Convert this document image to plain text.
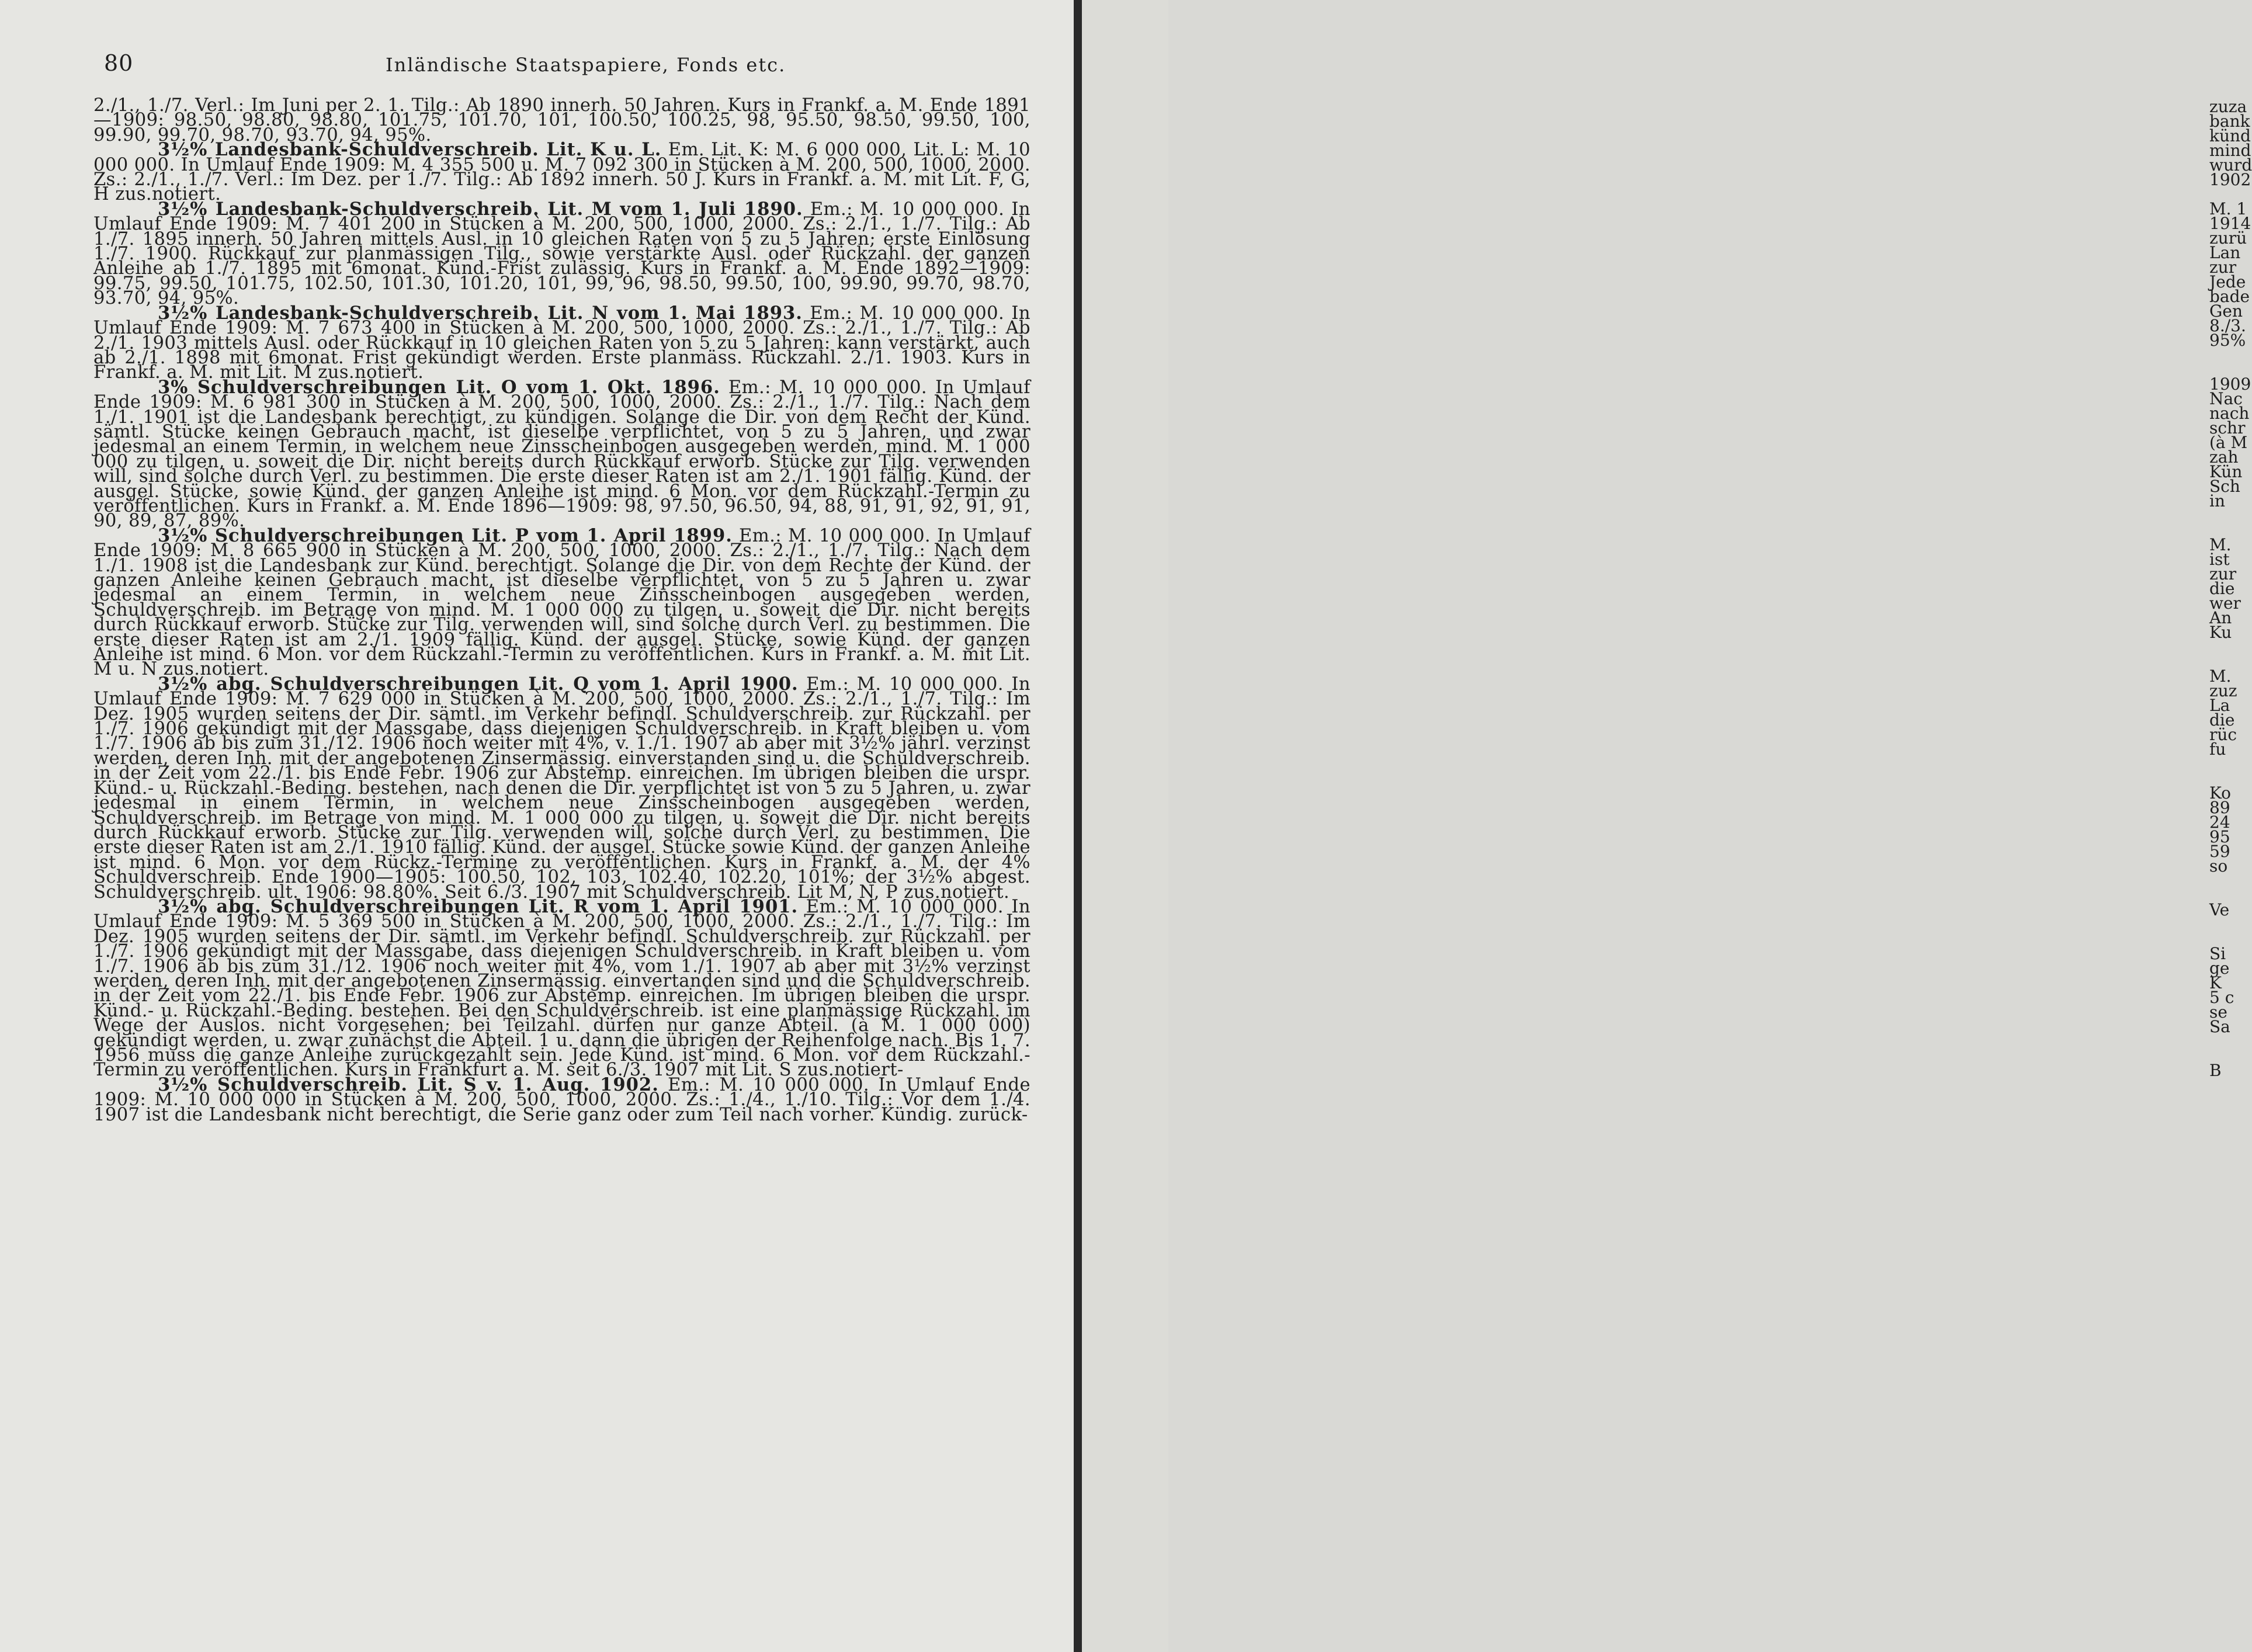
80	Inländische Staatspapiere, Fonds etc.

2./1., 1./7. Verl.: Im Juni per 2. 1. Tilg.: Ab 1890 innerh. 50 Jahren. Kurs in Frankf. a. M. Ende 1891—1909: 98.50, 98.80, 98.80, 101.75, 101.70, 101, 100.50, 100.25, 98, 95.50, 98.50, 99.50, 100, 99.90, 99.70, 98.70, 93.70, 94, 95%.

3½% Landesbank-Schuldverschreib. Lit. K u. L. Em. Lit. K: M. 6 000 000, Lit. L: M. 10 000 000. In Umlauf Ende 1909: M. 4 355 500 u. M. 7 092 300 in Stücken à M. 200, 500, 1000, 2000. Zs.: 2./1., 1./7. Verl.: Im Dez. per 1./7. Tilg.: Ab 1892 innerh. 50 J. Kurs in Frankf. a. M. mit Lit. F, G, H zus.notiert.

3½% Landesbank-Schuldverschreib. Lit. M vom 1. Juli 1890. Em.: M. 10 000 000. In Umlauf Ende 1909: M. 7 401 200 in Stücken à M. 200, 500, 1000, 2000. Zs.: 2./1., 1./7. Tilg.: Ab 1./7. 1895 innerh. 50 Jahren mittels Ausl. in 10 gleichen Raten von 5 zu 5 Jahren; erste Einlösung 1./7. 1900. Rückkauf zur planmässigen Tilg., sowie verstärkte Ausl. oder Rückzahl. der ganzen Anleihe ab 1./7. 1895 mit 6monat. Künd.-Frist zulässig. Kurs in Frankf. a. M. Ende 1892—1909: 99.75, 99.50, 101.75, 102.50, 101.30, 101.20, 101, 99, 96, 98.50, 99.50, 100, 99.90, 99.70, 98.70, 93.70, 94, 95%.

3½% Landesbank-Schuldverschreib. Lit. N vom 1. Mai 1893. Em.: M. 10 000 000. In Umlauf Ende 1909: M. 7 673 400 in Stücken à M. 200, 500, 1000, 2000. Zs.: 2./1., 1./7. Tilg.: Ab 2./1. 1903 mittels Ausl. oder Rückkauf in 10 gleichen Raten von 5 zu 5 Jahren: kann verstärkt, auch ab 2./1. 1898 mit 6monat. Frist gekündigt werden. Erste planmäss. Rückzahl. 2./1. 1903. Kurs in Frankf. a. M. mit Lit. M zus.notiert.

3% Schuldverschreibungen Lit. O vom 1. Okt. 1896. Em.: M. 10 000 000. In Umlauf Ende 1909: M. 6 981 300 in Stücken à M. 200, 500, 1000, 2000. Zs.: 2./1., 1./7. Tilg.: Nach dem 1./1. 1901 ist die Landesbank berechtigt, zu kündigen. Solange die Dir. von dem Recht der Künd. sämtl. Stücke keinen Gebrauch macht, ist dieselbe verpflichtet, von 5 zu 5 Jahren, und zwar jedesmal an einem Termin, in welchem neue Zinsscheinbogen ausgegeben werden, mind. M. 1 000 000 zu tilgen, u. soweit die Dir. nicht bereits durch Rückkauf erworb. Stücke zur Tilg. verwenden will, sind solche durch Verl. zu bestimmen. Die erste dieser Raten ist am 2./1. 1901 fällig. Künd. der ausgel. Stücke, sowie Künd. der ganzen Anleihe ist mind. 6 Mon. vor dem Rückzahl.-Termin zu veröffentlichen. Kurs in Frankf. a. M. Ende 1896—1909: 98, 97.50, 96.50, 94, 88, 91, 91, 92, 91, 91, 90, 89, 87, 89%.

3½% Schuldverschreibungen Lit. P vom 1. April 1899. Em.: M. 10 000 000. In Umlauf Ende 1909: M. 8 665 900 in Stücken à M. 200, 500, 1000, 2000. Zs.: 2./1., 1./7. Tilg.: Nach dem 1./1. 1908 ist die Landesbank zur Künd. berechtigt. Solange die Dir. von dem Rechte der Künd. der ganzen Anleihe keinen Gebrauch macht, ist dieselbe verpflichtet, von 5 zu 5 Jahren u. zwar jedesmal an einem Termin, in welchem neue Zinsscheinbogen ausgegeben werden, Schuldverschreib. im Betrage von mind. M. 1 000 000 zu tilgen, u. soweit die Dir. nicht bereits durch Rückkauf erworb. Stücke zur Tilg. verwenden will, sind solche durch Verl. zu bestimmen. Die erste dieser Raten ist am 2./1. 1909 fällig. Künd. der ausgel. Stücke, sowie Künd. der ganzen Anleihe ist mind. 6 Mon. vor dem Rückzahl.-Termin zu veröffentlichen. Kurs in Frankf. a. M. mit Lit. M u. N zus.notiert.

3½% abg. Schuldverschreibungen Lit. Q vom 1. April 1900. Em.: M. 10 000 000. In Umlauf Ende 1909: M. 7 629 000 in Stücken à M. 200, 500, 1000, 2000. Zs.: 2./1., 1./7. Tilg.: Im Dez. 1905 wurden seitens der Dir. sämtl. im Verkehr befindl. Schuldverschreib. zur Rückzahl. per 1./7. 1906 gekündigt mit der Massgabe, dass diejenigen Schuldverschreib. in Kraft bleiben u. vom 1./7. 1906 ab bis zum 31./12. 1906 noch weiter mit 4%, v. 1./1. 1907 ab aber mit 3½% jährl. verzinst werden, deren Inh. mit der angebotenen Zinsermässig. einverstanden sind u. die Schuldverschreib. in der Zeit vom 22./1. bis Ende Febr. 1906 zur Abstemp. einreichen. Im übrigen bleiben die urspr. Künd.- u. Rückzahl.-Beding. bestehen, nach denen die Dir. verpflichtet ist von 5 zu 5 Jahren, u. zwar jedesmal in einem Termin, in welchem neue Zinsscheinbogen ausgegeben werden, Schuldverschreib. im Betrage von mind. M. 1 000 000 zu tilgen, u. soweit die Dir. nicht bereits durch Rückkauf erworb. Stücke zur Tilg. verwenden will, solche durch Verl. zu bestimmen. Die erste dieser Raten ist am 2./1. 1910 fällig. Künd. der ausgel. Stücke sowie Künd. der ganzen Anleihe ist mind. 6 Mon. vor dem Rückz.-Termine zu veröffentlichen. Kurs in Frankf. a. M. der 4% Schuldverschreib. Ende 1900—1905: 100.50, 102, 103, 102.40, 102.20, 101%; der 3½% abgest. Schuldverschreib. ult. 1906: 98.80%. Seit 6./3. 1907 mit Schuldverschreib. Lit M, N, P zus.notiert.

3½% abg. Schuldverschreibungen Lit. R vom 1. April 1901. Em.: M. 10 000 000. In Umlauf Ende 1909: M. 5 369 500 in Stücken à M. 200, 500, 1000, 2000. Zs.: 2./1., 1./7. Tilg.: Im Dez. 1905 wurden seitens der Dir. sämtl. im Verkehr befindl. Schuldverschreib. zur Rückzahl. per 1./7. 1906 gekündigt mit der Massgabe, dass diejenigen Schuldverschreib. in Kraft bleiben u. vom 1./7. 1906 ab bis zum 31./12. 1906 noch weiter mit 4%, vom 1./1. 1907 ab aber mit 3½% verzinst werden, deren Inh. mit der angebotenen Zinsermässig. einvertanden sind und die Schuldverschreib. in der Zeit vom 22./1. bis Ende Febr. 1906 zur Abstemp. einreichen. Im übrigen bleiben die urspr. Künd.- u. Rückzahl.-Beding. bestehen. Bei den Schuldverschreib. ist eine planmässige Rückzahl. im Wege der Auslos. nicht vorgesehen; bei Teilzahl. dürfen nur ganze Abteil. (à M. 1 000 000) gekündigt werden, u. zwar zunächst die Abteil. 1 u. dann die übrigen der Reihenfolge nach. Bis 1. 7. 1956 muss die ganze Anleihe zurückgezahlt sein. Jede Künd. ist mind. 6 Mon. vor dem Rückzahl.-Termin zu veröffentlichen. Kurs in Frankfurt a. M. seit 6./3. 1907 mit Lit. S zus.notiert-

3½% Schuldverschreib. Lit. S v. 1. Aug. 1902. Em.: M. 10 000 000. In Umlauf Ende 1909: M. 10 000 000 in Stücken à M. 200, 500, 1000, 2000. Zs.: 1./4., 1./10. Tilg.: Vor dem 1./4. 1907 ist die Landesbank nicht berechtigt, die Serie ganz oder zum Teil nach vorher. Kündig. zurück-

zuza
bank
künd
mind
wurd
1902
M. 1
1914
zurü
Lan
zur
Jede
bade
Gen
8./3.
95%
1909
Nac
nach
schr
(à M
zah
Kün
Sch
in
M.
ist
zur
die
wer
An
Ku
M.
zuz
La
die
rüc
fu
Ko
89
24
95
59
so
Ve
Si
ge
K
5 c
se
Sa
B
